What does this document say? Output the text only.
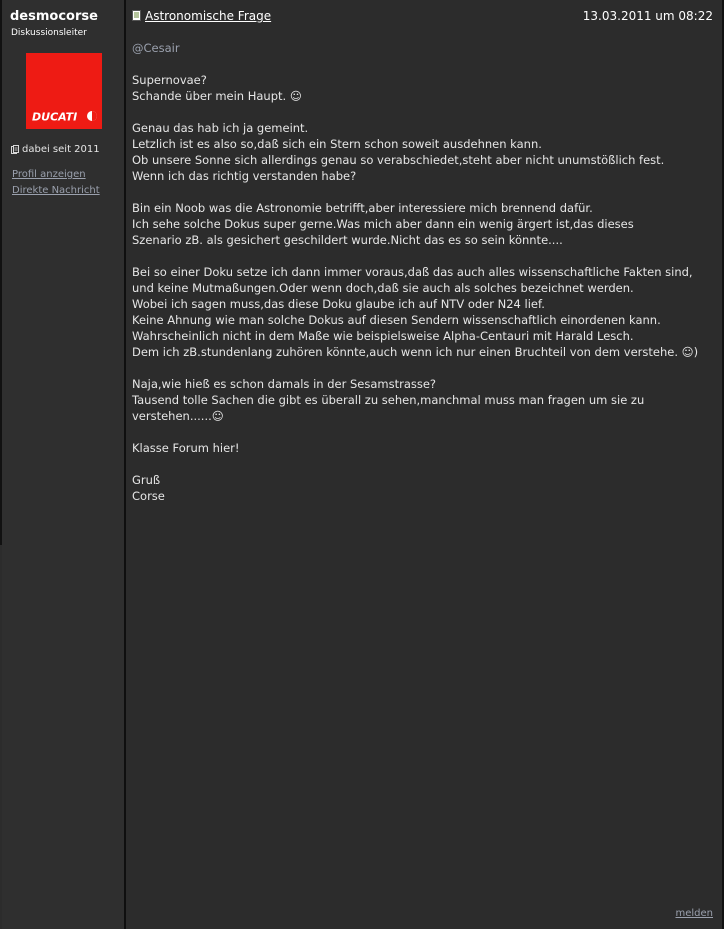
desmocorse
Diskussionsleiter
DUCATI
dabei seit 2011
Profil anzeigen
Direkte Nachricht
Astronomische Frage	13.03.2011 um 08:22
@Cesair
Supernovae?
Schande über mein Haupt. ☺
Genau das hab ich ja gemeint.
Letzlich ist es also so,daß sich ein Stern schon soweit ausdehnen kann.
Ob unsere Sonne sich allerdings genau so verabschiedet,steht aber nicht unumstößlich fest.
Wenn ich das richtig verstanden habe?
Bin ein Noob was die Astronomie betrifft,aber interessiere mich brennend dafür.
Ich sehe solche Dokus super gerne.Was mich aber dann ein wenig ärgert ist,das dieses
Szenario zB. als gesichert geschildert wurde.Nicht das es so sein könnte....
Bei so einer Doku setze ich dann immer voraus,daß das auch alles wissenschaftliche Fakten sind,
und keine Mutmaßungen.Oder wenn doch,daß sie auch als solches bezeichnet werden.
Wobei ich sagen muss,das diese Doku glaube ich auf NTV oder N24 lief.
Keine Ahnung wie man solche Dokus auf diesen Sendern wissenschaftlich einordenen kann.
Wahrscheinlich nicht in dem Maße wie beispielsweise Alpha-Centauri mit Harald Lesch.
Dem ich zB.stundenlang zuhören könnte,auch wenn ich nur einen Bruchteil von dem verstehe. ☺)
Naja,wie hieß es schon damals in der Sesamstrasse?
Tausend tolle Sachen die gibt es überall zu sehen,manchmal muss man fragen um sie zu
verstehen......☺
Klasse Forum hier!
Gruß
Corse
melden
